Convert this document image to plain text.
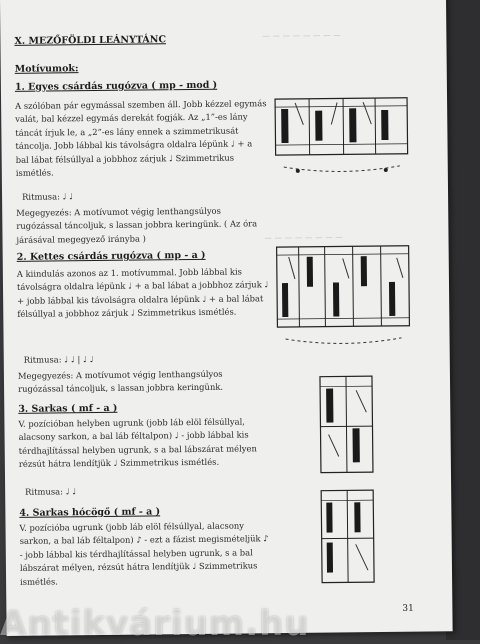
— — — — — — — —
— — — — — — — —
X. MEZŐFÖLDI LEÁNYTÁNC
Motívumok:
1. Egyes csárdás rugózva ( mp - mod )

A szólóban pár egymással szemben áll. Jobb kézzel egymás valát, bal kézzel egymás derekát fogják. Az „1”-es lány táncát írjuk le, a „2”-es lány ennek a szimmetrikusát táncolja. Jobb lábbal kis távolságra oldalra lépünk ♩ + a bal lábat félsúllyal a jobbhoz zárjuk ♩ Szimmetrikus ismétlés.

Ritmusa: ♩ ♩

Megegyezés: A motívumot végig lenthangsúlyos rugózással táncoljuk, s lassan jobbra keringünk. ( Az óra járásával megegyező irányba )

2. Kettes csárdás rugózva ( mp - a )

A kiindulás azonos az 1. motívummal. Jobb lábbal kis távolságra oldalra lépünk ♩ + a bal lábat a jobbhoz zárjuk ♩ + jobb lábbal kis távolságra oldalra lépünk ♩ + a bal lábat félsúllyal a jobbhoz zárjuk ♩ Szimmetrikus ismétlés.

Ritmusa: ♩ ♩ | ♩ ♩

Megegyezés: A motívumot végig lenthangsúlyos rugózással táncoljuk, s lassan jobbra keringünk.

3. Sarkas ( mf - a )

V. pozícióban helyben ugrunk (jobb láb elöl félsúllyal, alacsony sarkon, a bal láb féltalpon) ♩ - jobb lábbal kis térdhajlítással helyben ugrunk, s a bal lábszárat mélyen rézsút hátra lendítjük ♩ Szimmetrikus ismétlés.

Ritmusa: ♩ ♩

4. Sarkas hócögő ( mf - a )

V. pozícióba ugrunk (jobb láb elöl félsúllyal, alacsony sarkon, a bal láb féltalpon) ♪ - ezt a fázist megismételjük ♪ - jobb lábbal kis térdhajlítással helyben ugrunk, s a bal lábszárat mélyen, rézsút hátra lendítjük ♩ Szimmetrikus ismétlés.

31
Antikvárium.hu
